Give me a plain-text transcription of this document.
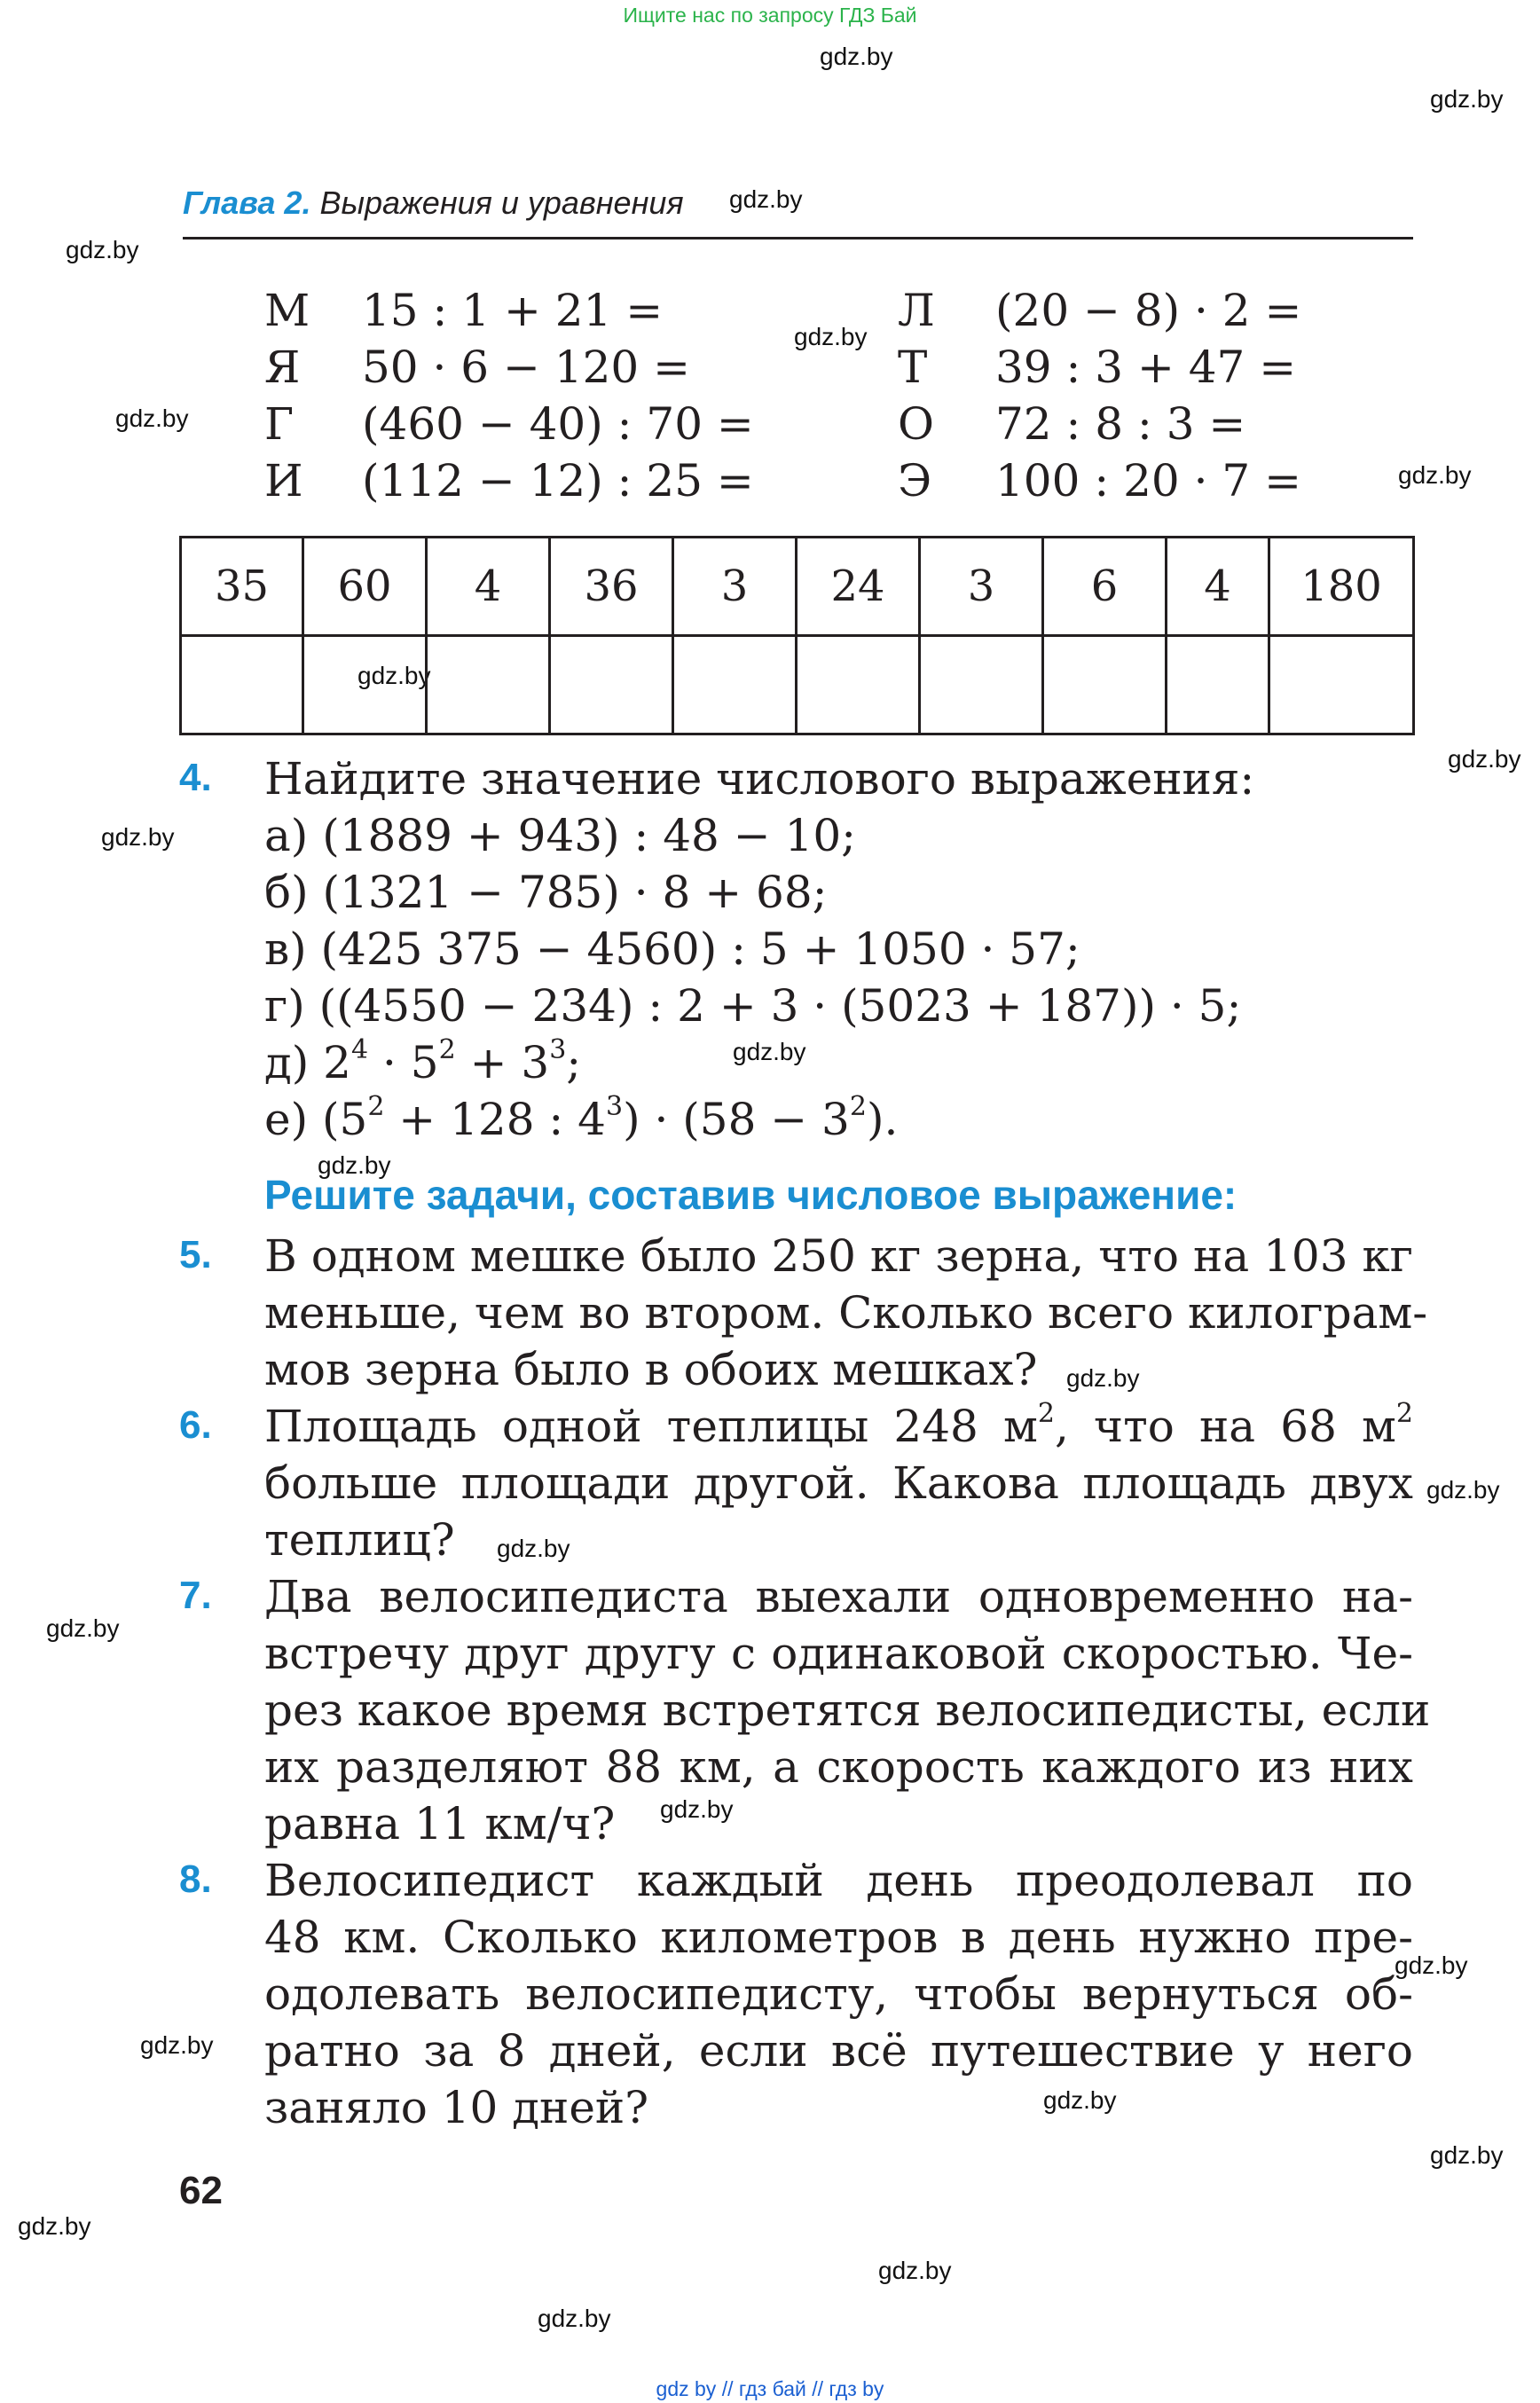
Ищите нас по запросу ГДЗ Бай
gdz.by
gdz.by
gdz.by
gdz.by
gdz.by
gdz.by
gdz.by
gdz.by
gdz.by
gdz.by
gdz.by
gdz.by
gdz.by
gdz.by
gdz.by
gdz.by
gdz.by
gdz.by
gdz.by
gdz.by
gdz.by
gdz.by
gdz.by
gdz.by
Глава 2. Выражения и уравнения
М 15 : 1 + 21 =
Я 50 · 6 − 120 =
Г (460 − 40) : 70 =
И (112 − 12) : 25 =
Л (20 − 8) · 2 =
Т 39 : 3 + 47 =
О 72 : 8 : 3 =
Э 100 : 20 · 7 =
35	60	4	36	3	24	3	6	4	180

4. Найдите значение числового выражения:
а) (1889 + 943) : 48 − 10;
б) (1321 − 785) · 8 + 68;
в) (425 375 − 4560) : 5 + 1050 · 57;
г) ((4550 − 234) : 2 + 3 · (5023 + 187)) · 5;
д) $2^4 \cdot 5^2 + 3^3$;
е) ($5^2 + 128$ : $4^3) \cdot (58 - 3^2)$.
Решите задачи, составив числовое выражение:
5. В одном мешке было 250 кг зерна, что на 103 кг
меньше, чем во втором. Сколько всего килограм-
мов зерна было в обоих мешках?
6. Площадь одной теплицы 248 $м^2$, что на 68 $м^2$
больше площади другой. Какова площадь двух
теплиц?
7. Два велосипедиста выехали одновременно на-
встречу друг другу с одинаковой скоростью. Че-
рез какое время встретятся велосипедисты, если
их разделяют 88 км, а скорость каждого из них
равна 11 км/ч?
8. Велосипедист каждый день преодолевал по
48 км. Сколько километров в день нужно пре-
одолевать велосипедисту, чтобы вернуться об-
ратно за 8 дней, если всё путешествие у него
заняло 10 дней?
62
gdz by // гдз бай // гдз by
